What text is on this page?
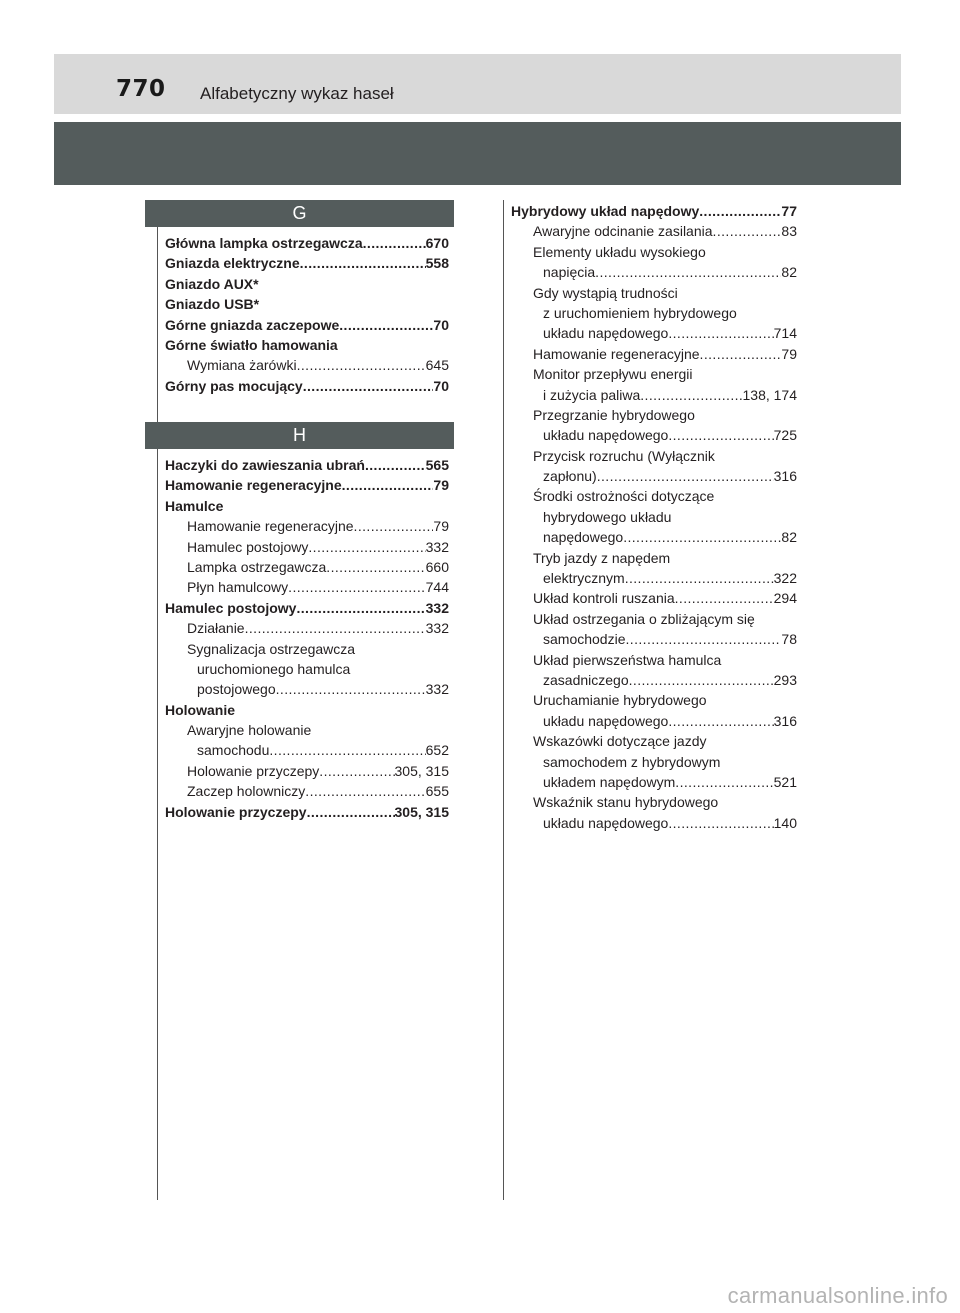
770 Alfabetyczny wykaz haseł
G
Główna lampka ostrzegawcza .....	670
Gniazda elektryczne .....	558
Gniazdo AUX*
Gniazdo USB*
Górne gniazda zaczepowe .....	70
Górne światło hamowania
Wymiana żarówki .....	645
Górny pas mocujący .....	70
H
Haczyki do zawieszania ubrań .....	565
Hamowanie regeneracyjne .....	79
Hamulce
Hamowanie regeneracyjne .....	79
Hamulec postojowy .....	332
Lampka ostrzegawcza .....	660
Płyn hamulcowy .....	744
Hamulec postojowy .....	332
Działanie .....	332
Sygnalizacja ostrzegawcza
uruchomionego hamulca
postojowego .....	332
Holowanie
Awaryjne holowanie
samochodu .....	652
Holowanie przyczepy .....	305, 315
Zaczep holowniczy .....	655
Holowanie przyczepy .....	305, 315
Hybrydowy układ napędowy .....	77
Awaryjne odcinanie zasilania .....	83
Elementy układu wysokiego
napięcia .....	82
Gdy wystąpią trudności
z uruchomieniem hybrydowego
układu napędowego .....	714
Hamowanie regeneracyjne .....	79
Monitor przepływu energii
i zużycia paliwa .....	138, 174
Przegrzanie hybrydowego
układu napędowego .....	725
Przycisk rozruchu (Wyłącznik
zapłonu) .....	316
Środki ostrożności dotyczące
hybrydowego układu
napędowego .....	82
Tryb jazdy z napędem
elektrycznym .....	322
Układ kontroli ruszania .....	294
Układ ostrzegania o zbliżającym się
samochodzie .....	78
Układ pierwszeństwa hamulca
zasadniczego .....	293
Uruchamianie hybrydowego
układu napędowego .....	316
Wskazówki dotyczące jazdy
samochodem z hybrydowym
układem napędowym .....	521
Wskaźnik stanu hybrydowego
układu napędowego .....	140
carmanualsonline.info
